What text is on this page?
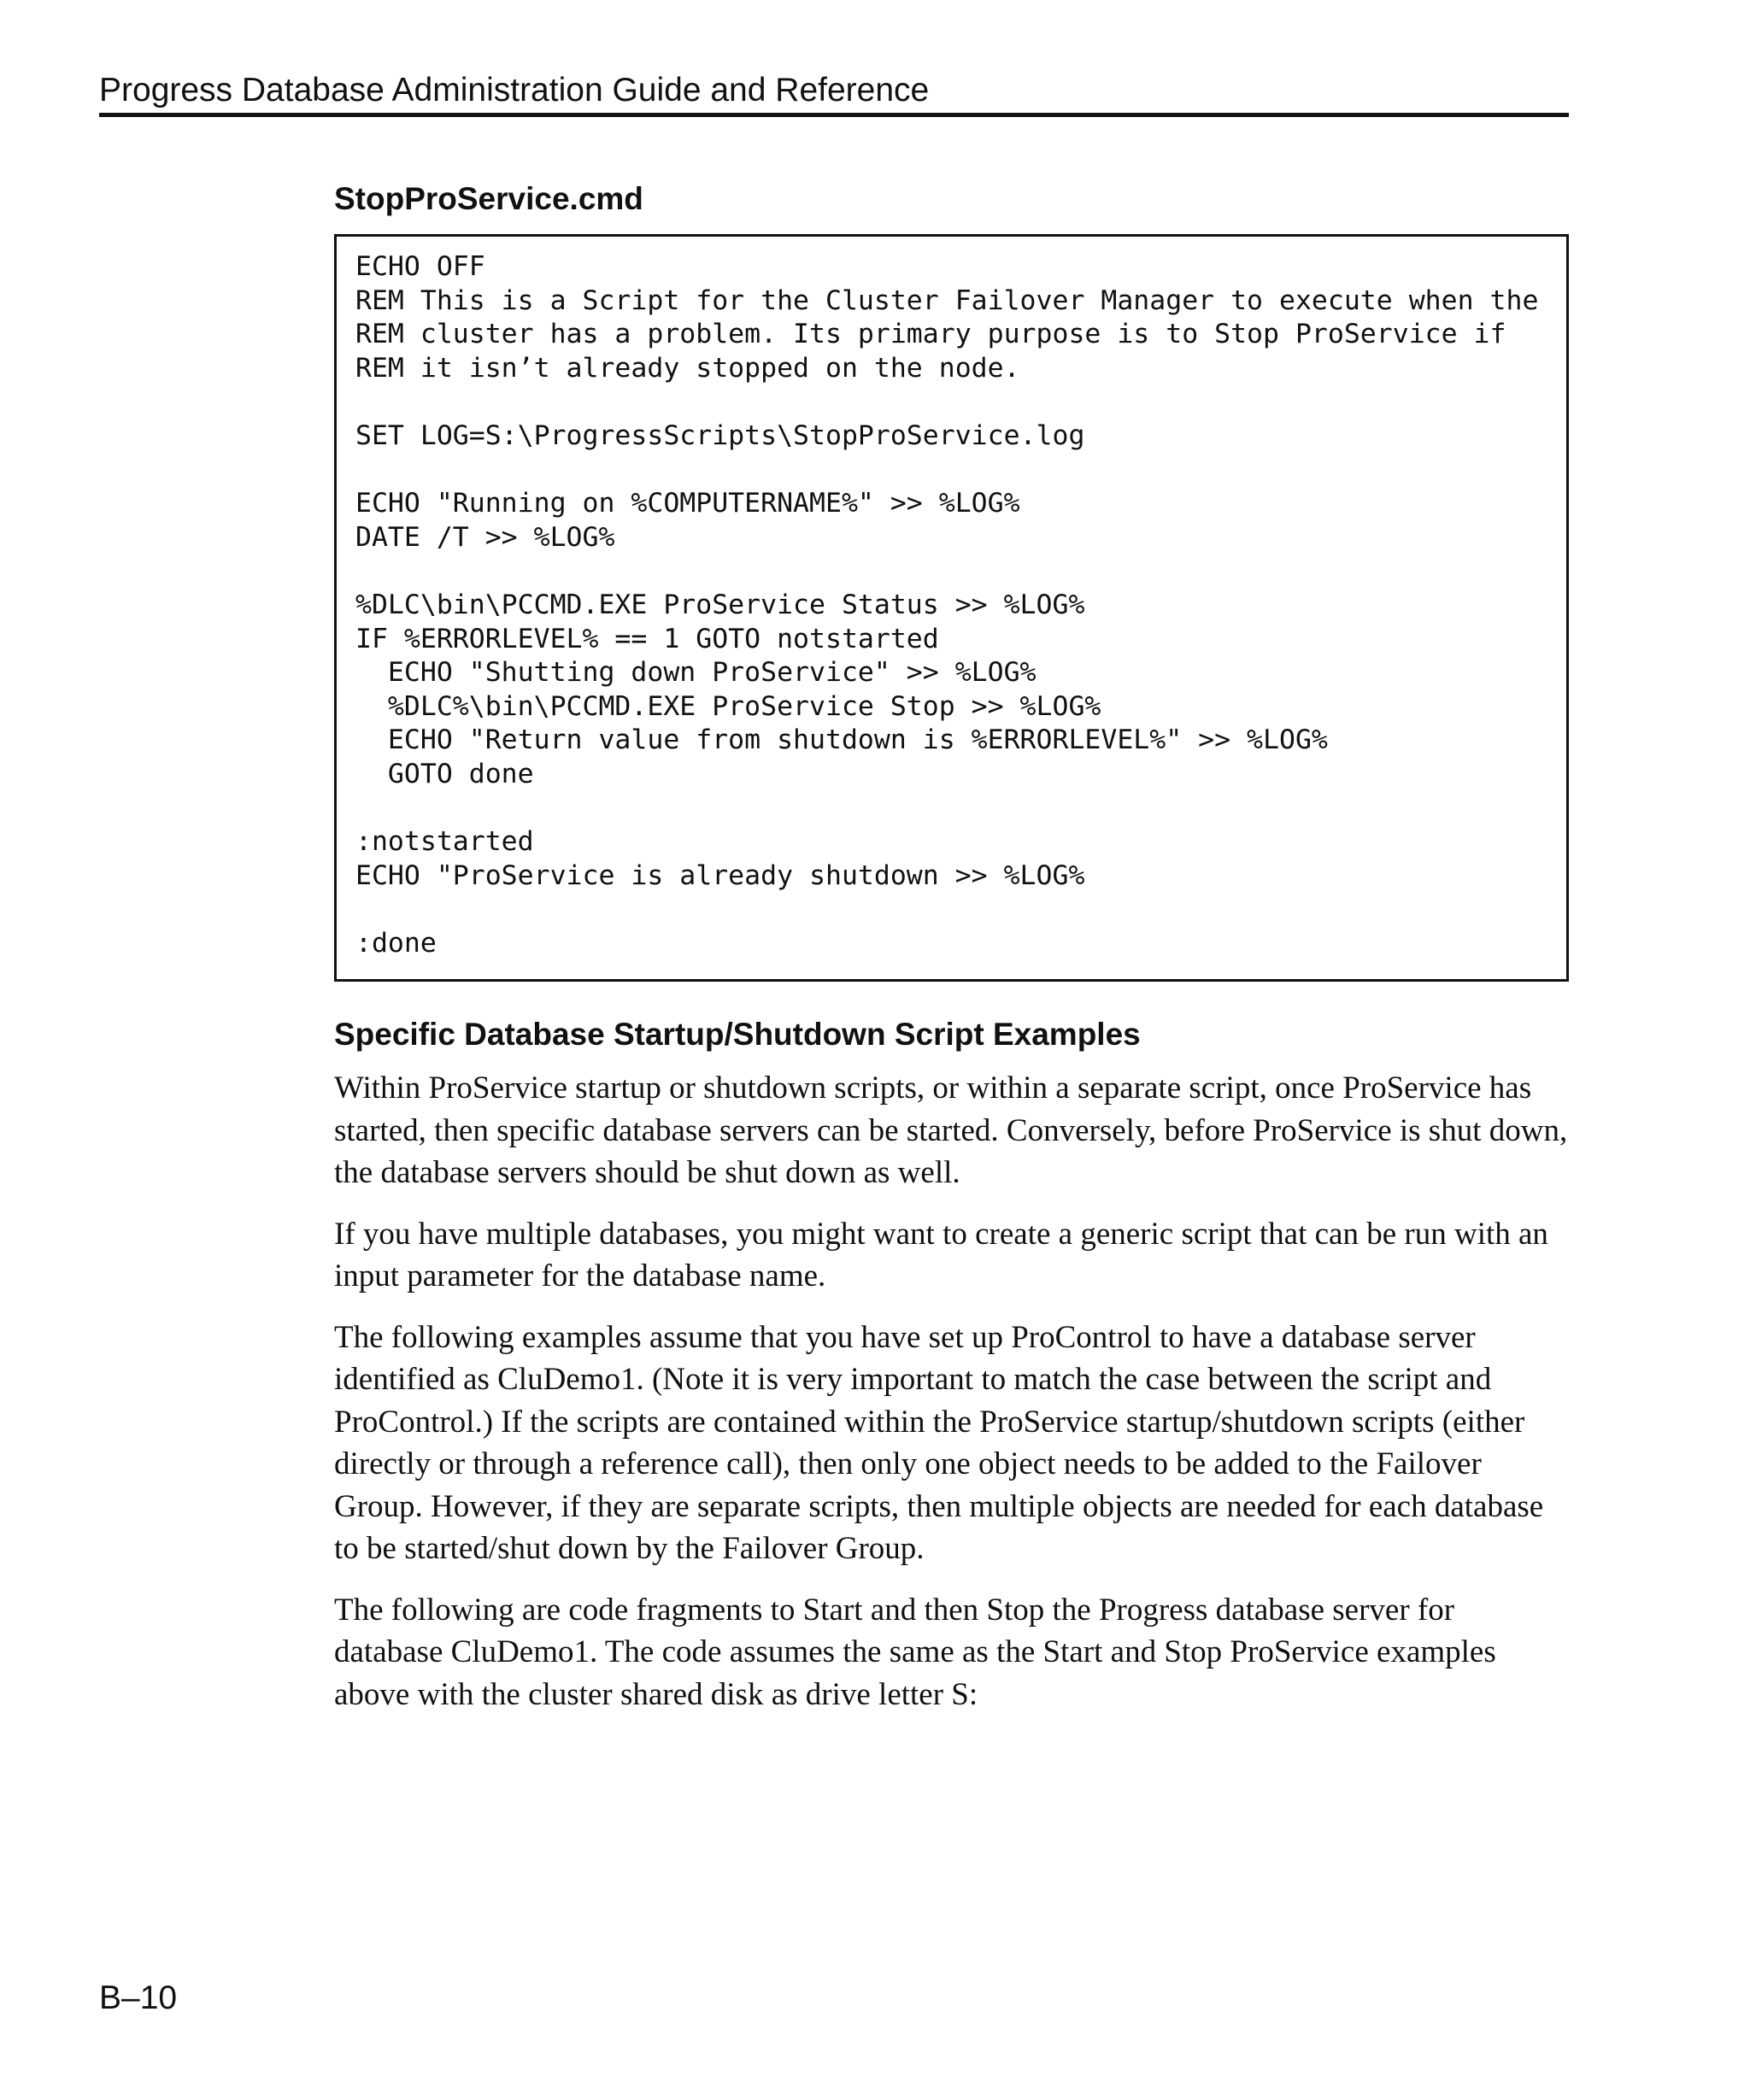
Progress Database Administration Guide and Reference

StopProService.cmd
ECHO OFF
REM This is a Script for the Cluster Failover Manager to execute when the
REM cluster has a problem. Its primary purpose is to Stop ProService if
REM it isn’t already stopped on the node.

SET LOG=S:\ProgressScripts\StopProService.log

ECHO "Running on %COMPUTERNAME%" >> %LOG%
DATE /T >> %LOG%

%DLC\bin\PCCMD.EXE ProService Status >> %LOG%
IF %ERRORLEVEL% == 1 GOTO notstarted
ECHO "Shutting down ProService" >> %LOG%
%DLC%\bin\PCCMD.EXE ProService Stop >> %LOG%
ECHO "Return value from shutdown is %ERRORLEVEL%" >> %LOG%
GOTO done

:notstarted
ECHO "ProService is already shutdown >> %LOG%

:done
Specific Database Startup/Shutdown Script Examples

Within ProService startup or shutdown scripts, or within a separate script, once ProService has started, then specific database servers can be started. Conversely, before ProService is shut down, the database servers should be shut down as well.

If you have multiple databases, you might want to create a generic script that can be run with an input parameter for the database name.

The following examples assume that you have set up ProControl to have a database server identified as CluDemo1. (Note it is very important to match the case between the script and ProControl.) If the scripts are contained within the ProService startup/shutdown scripts (either directly or through a reference call), then only one object needs to be added to the Failover Group. However, if they are separate scripts, then multiple objects are needed for each database to be started/shut down by the Failover Group.

The following are code fragments to Start and then Stop the Progress database server for database CluDemo1. The code assumes the same as the Start and Stop ProService examples above with the cluster shared disk as drive letter S:

B–10
